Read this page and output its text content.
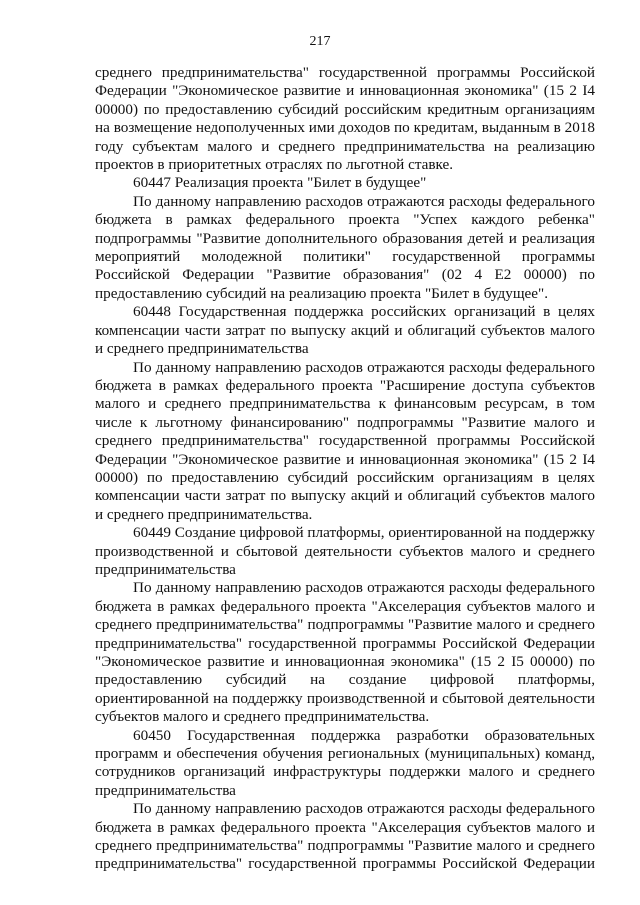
217

среднего предпринимательства" государственной программы Российской Федерации "Экономическое развитие и инновационная экономика" (15 2 I4 00000) по предоставлению субсидий российским кредитным организациям на возмещение недополученных ими доходов по кредитам, выданным в 2018 году субъектам малого и среднего предпринимательства на реализацию проектов в приоритетных отраслях по льготной ставке.

60447 Реализация проекта "Билет в будущее"

По данному направлению расходов отражаются расходы федерального бюджета в рамках федерального проекта "Успех каждого ребенка" подпрограммы "Развитие дополнительного образования детей и реализация мероприятий молодежной политики" государственной программы Российской Федерации "Развитие образования" (02 4 E2 00000) по предоставлению субсидий на реализацию проекта "Билет в будущее".

60448 Государственная поддержка российских организаций в целях компенсации части затрат по выпуску акций и облигаций субъектов малого и среднего предпринимательства

По данному направлению расходов отражаются расходы федерального бюджета в рамках федерального проекта "Расширение доступа субъектов малого и среднего предпринимательства к финансовым ресурсам, в том числе к льготному финансированию" подпрограммы "Развитие малого и среднего предпринимательства" государственной программы Российской Федерации "Экономическое развитие и инновационная экономика" (15 2 I4 00000) по предоставлению субсидий российским организациям в целях компенсации части затрат по выпуску акций и облигаций субъектов малого и среднего предпринимательства.

60449 Создание цифровой платформы, ориентированной на поддержку производственной и сбытовой деятельности субъектов малого и среднего предпринимательства

По данному направлению расходов отражаются расходы федерального бюджета в рамках федерального проекта "Акселерация субъектов малого и среднего предпринимательства" подпрограммы "Развитие малого и среднего предпринимательства" государственной программы Российской Федерации "Экономическое развитие и инновационная экономика" (15 2 I5 00000) по предоставлению субсидий на создание цифровой платформы, ориентированной на поддержку производственной и сбытовой деятельности субъектов малого и среднего предпринимательства.

60450 Государственная поддержка разработки образовательных программ и обеспечения обучения региональных (муниципальных) команд, сотрудников организаций инфраструктуры поддержки малого и среднего предпринимательства

По данному направлению расходов отражаются расходы федерального бюджета в рамках федерального проекта "Акселерация субъектов малого и среднего предпринимательства" подпрограммы "Развитие малого и среднего предпринимательства" государственной программы Российской Федерации
